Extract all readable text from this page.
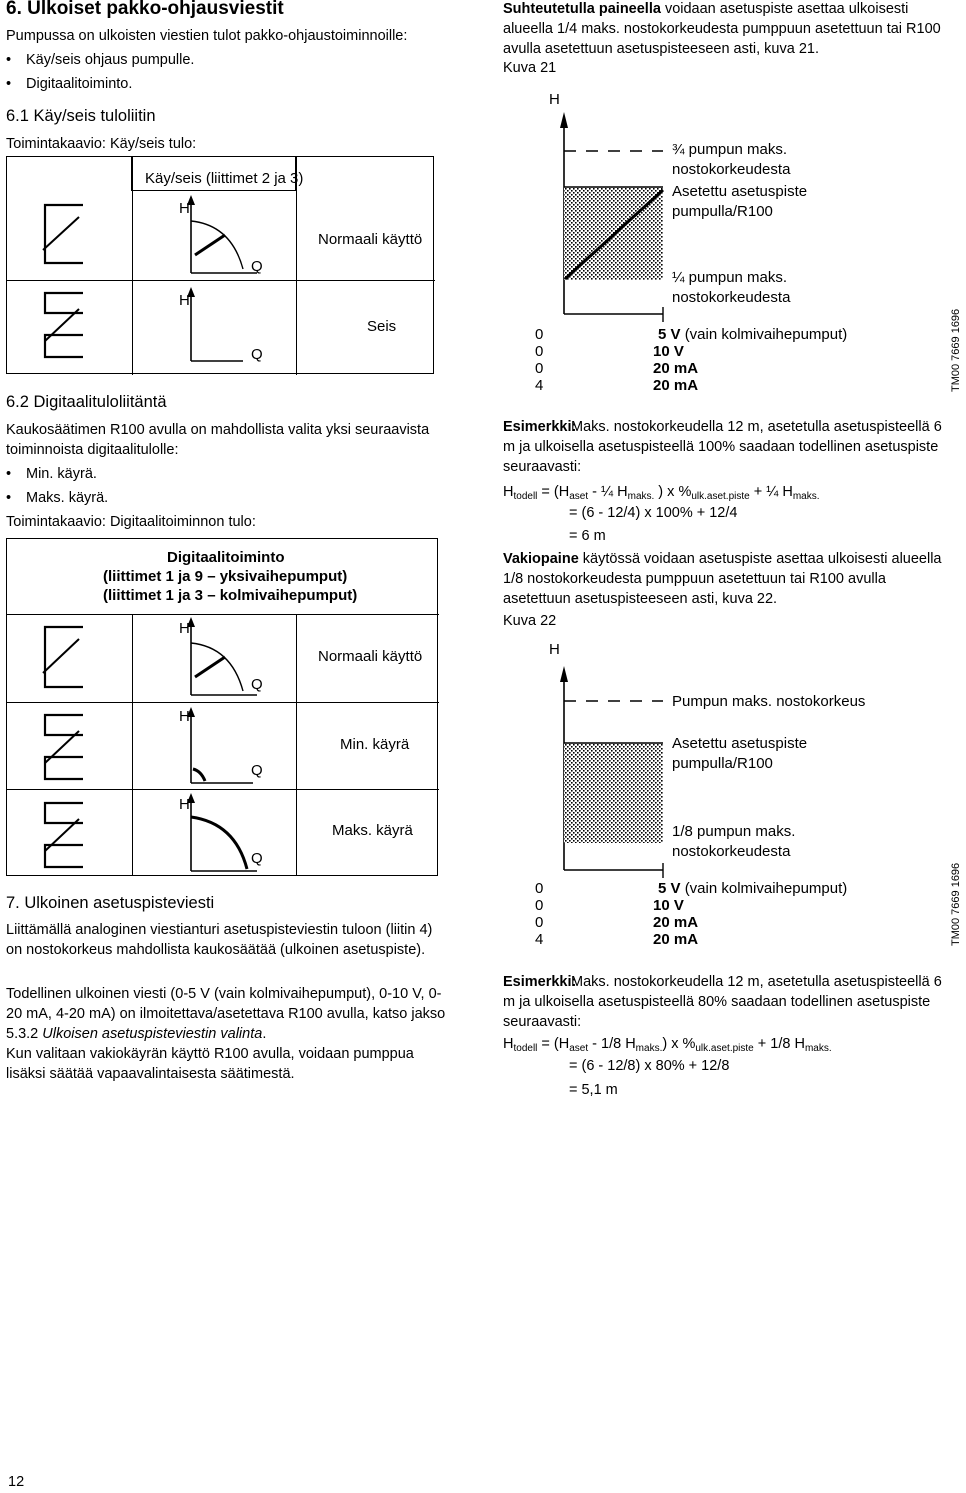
6. Ulkoiset pakko-ohjausviestit
Pumpussa on ulkoisten viestien tulot pakko-ohjaustoiminnoille:
• Käy/seis ohjaus pumpulle.
• Digitaalitoiminto.
6.1 Käy/seis tuloliitin
Toimintakaavio: Käy/seis tulo:
Käy/seis (liittimet 2 ja 3)
Normaali käyttö
Seis
H
Q
H
Q
6.2 Digitaalituloliitäntä
Kaukosäätimen R100 avulla on mahdollista valita yksi seuraavista toiminnoista digitaalitulolle:
• Min. käyrä.
• Maks. käyrä.
Toimintakaavio: Digitaalitoiminnon tulo:
Digitaalitoiminto
(liittimet 1 ja 9 – yksivaihepumput)
(liittimet 1 ja 3 – kolmivaihepumput)
Normaali käyttö
Min. käyrä
Maks. käyrä
H
Q
H
Q
H
Q
7. Ulkoinen asetuspisteviesti
Liittämällä analoginen viestianturi asetuspisteviestin tuloon (liitin 4) on nostokorkeus mahdollista kaukosäätää (ulkoinen asetuspiste).
Todellinen ulkoinen viesti (0-5 V (vain kolmivaihepumput), 0-10 V, 0-20 mA, 4-20 mA) on ilmoitettava/asetettava R100 avulla, katso jakso 5.3.2 Ulkoisen asetuspisteviestin valinta.
Kun valitaan vakiokäyrän käyttö R100 avulla, voidaan pumppua lisäksi säätää vapaavalintaisesta säätimestä.
12
Suhteutetulla paineella voidaan asetuspiste asettaa ulkoisesti alueella 1/4 maks. nostokorkeudesta pumppuun asetettuun tai R100 avulla asetettuun asetuspisteeseen asti, kuva 21.
Kuva 21
H
¾ pumpun maks.
nostokorkeudesta
Asetettu asetuspiste
pumpulla/R100
¼ pumpun maks.
nostokorkeudesta
0
0
0
4
5 V (vain kolmivaihepumput)
10 V
20 mA
20 mA	TM00 7669 1696
Esimerkki:
Maks. nostokorkeudella 12 m, asetetulla asetuspisteellä 6 m ja ulkoisella asetuspisteellä 100% saadaan todellinen asetuspiste seuraavasti:
$H_{todell} = (H_{aset}$ - ¼ $H_{maks.}$ ) x $\%_{ulk.aset.piste}$ + ¼ $H_{maks.}$
= (6 - 12/4) x 100% + 12/4
= 6 m
Vakiopaine käytössä voidaan asetuspiste asettaa ulkoisesti alueella 1/8 nostokorkeudesta pumppuun asetettuun tai R100 avulla asetettuun asetuspisteeseen asti, kuva 22.
Kuva 22
H
Pumpun maks. nostokorkeus
Asetettu asetuspiste
pumpulla/R100
1/8 pumpun maks.
nostokorkeudesta
0
0
0
4
5 V (vain kolmivaihepumput)
10 V
20 mA
20 mA	TM00 7669 1696
Esimerkki:
Maks. nostokorkeudella 12 m, asetetulla asetuspisteellä 6 m ja ulkoisella asetuspisteellä 80% saadaan todellinen asetuspiste seuraavasti:
$H_{todell} = (H_{aset} - 1/8$ $H_{maks.}$) x $\%_{ulk.aset.piste} + 1/8$ $H_{maks.}$
= (6 - 12/8) x 80% + 12/8
= 5,1 m
